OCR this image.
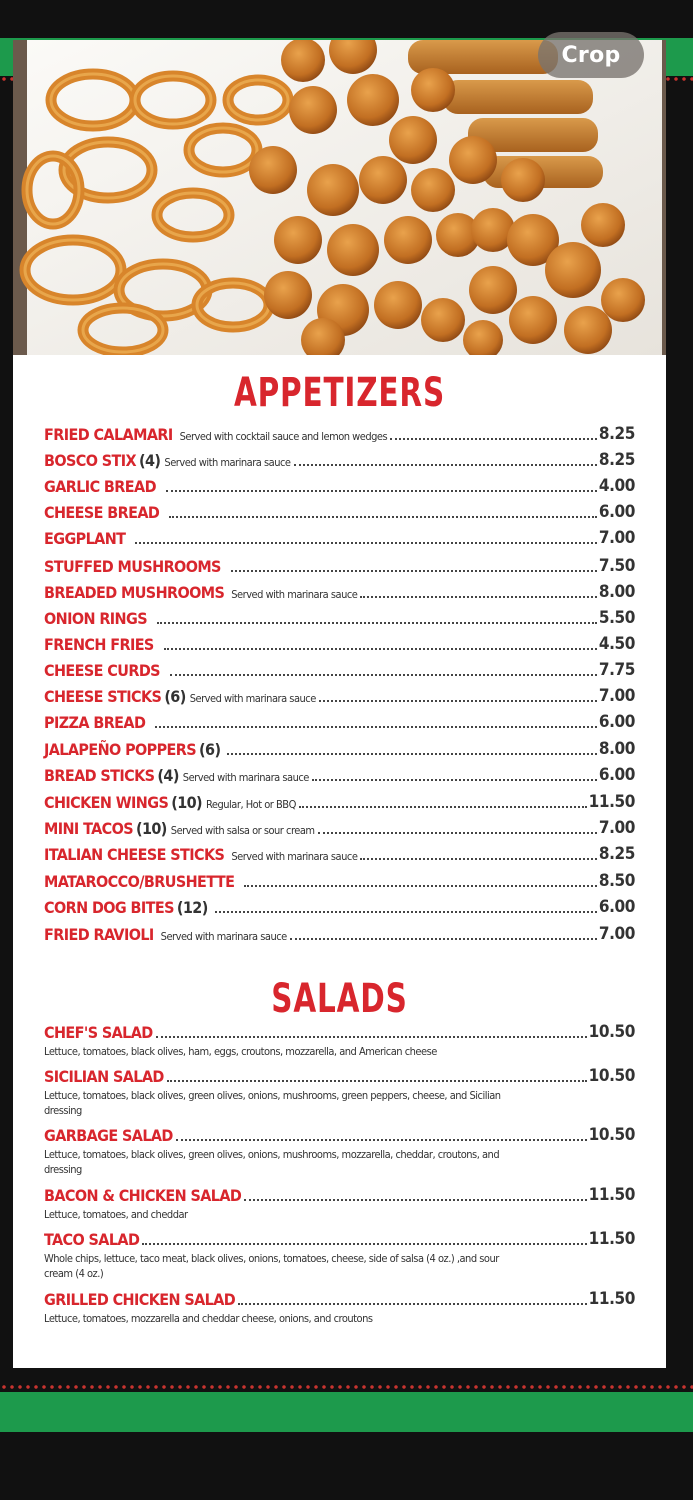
Crop
APPETIZERS
FRIED CALAMARI Served with cocktail sauce and lemon wedges	8.25
BOSCO STIX (4) Served with marinara sauce	8.25
GARLIC BREAD	4.00
CHEESE BREAD	6.00
EGGPLANT	7.00
STUFFED MUSHROOMS	7.50
BREADED MUSHROOMS Served with marinara sauce	8.00
ONION RINGS	5.50
FRENCH FRIES	4.50
CHEESE CURDS	7.75
CHEESE STICKS (6) Served with marinara sauce	7.00
PIZZA BREAD	6.00
JALAPEÑO POPPERS (6)	8.00
BREAD STICKS (4) Served with marinara sauce	6.00
CHICKEN WINGS (10) Regular, Hot or BBQ	11.50
MINI TACOS (10) Served with salsa or sour cream	7.00
ITALIAN CHEESE STICKS Served with marinara sauce	8.25
MATAROCCO/BRUSHETTE	8.50
CORN DOG BITES (12)	6.00
FRIED RAVIOLI Served with marinara sauce	7.00
SALADS
CHEF'S SALAD	10.50
Lettuce, tomatoes, black olives, ham, eggs, croutons, mozzarella, and American cheese
SICILIAN SALAD	10.50
Lettuce, tomatoes, black olives, green olives, onions, mushrooms, green peppers, cheese, and Sicilian dressing
GARBAGE SALAD	10.50
Lettuce, tomatoes, black olives, green olives, onions, mushrooms, mozzarella, cheddar, croutons, and dressing
BACON & CHICKEN SALAD	11.50
Lettuce, tomatoes, and cheddar
TACO SALAD	11.50
Whole chips, lettuce, taco meat, black olives, onions, tomatoes, cheese, side of salsa (4 oz.) ,and sour cream (4 oz.)
GRILLED CHICKEN SALAD	11.50
Lettuce, tomatoes, mozzarella and cheddar cheese, onions, and croutons
